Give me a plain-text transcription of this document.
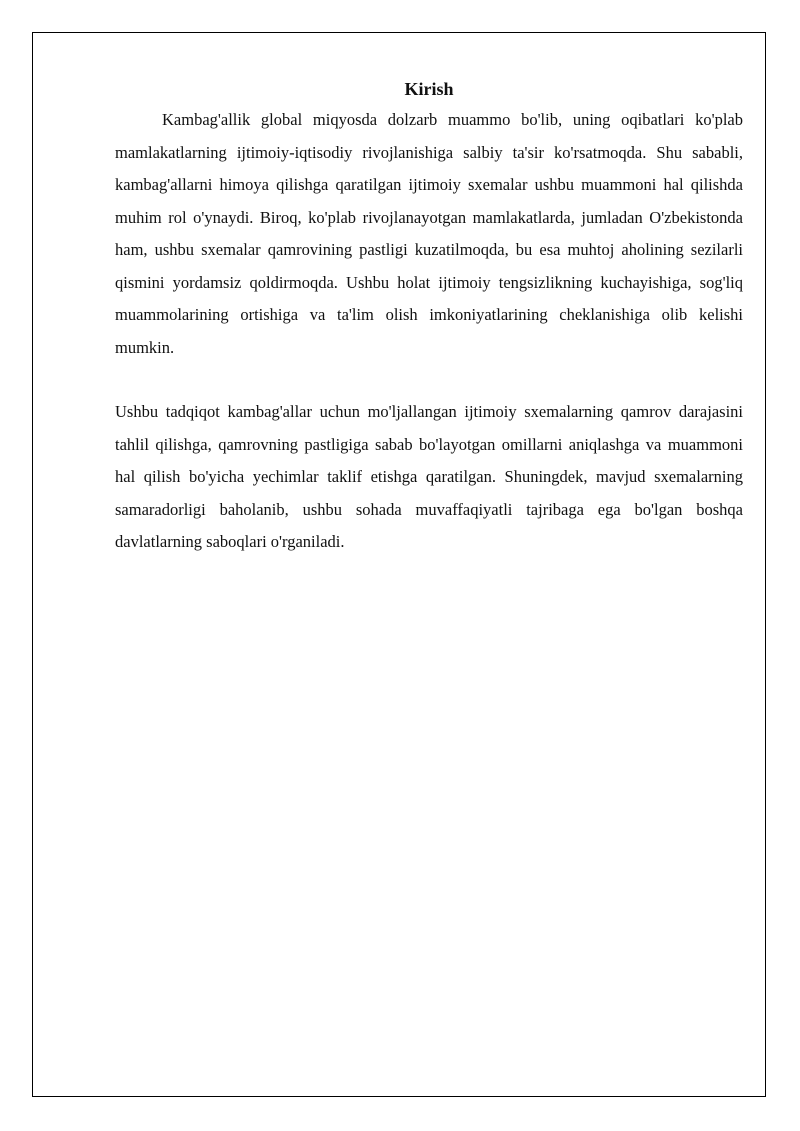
Kirish

Kambag'allik global miqyosda dolzarb muammo bo'lib, uning oqibatlari ko'plab mamlakatlarning ijtimoiy-iqtisodiy rivojlanishiga salbiy ta'sir ko'rsatmoqda. Shu sababli, kambag'allarni himoya qilishga qaratilgan ijtimoiy sxemalar ushbu muammoni hal qilishda muhim rol o'ynaydi. Biroq, ko'plab rivojlanayotgan mamlakatlarda, jumladan O'zbekistonda ham, ushbu sxemalar qamrovining pastligi kuzatilmoqda, bu esa muhtoj aholining sezilarli qismini yordamsiz qoldirmoqda. Ushbu holat ijtimoiy tengsizlikning kuchayishiga, sog'liq muammolarining ortishiga va ta'lim olish imkoniyatlarining cheklanishiga olib kelishi mumkin.

Ushbu tadqiqot kambag'allar uchun mo'ljallangan ijtimoiy sxemalarning qamrov darajasini tahlil qilishga, qamrovning pastligiga sabab bo'layotgan omillarni aniqlashga va muammoni hal qilish bo'yicha yechimlar taklif etishga qaratilgan. Shuningdek, mavjud sxemalarning samaradorligi baholanib, ushbu sohada muvaffaqiyatli tajribaga ega bo'lgan boshqa davlatlarning saboqlari o'rganiladi.
